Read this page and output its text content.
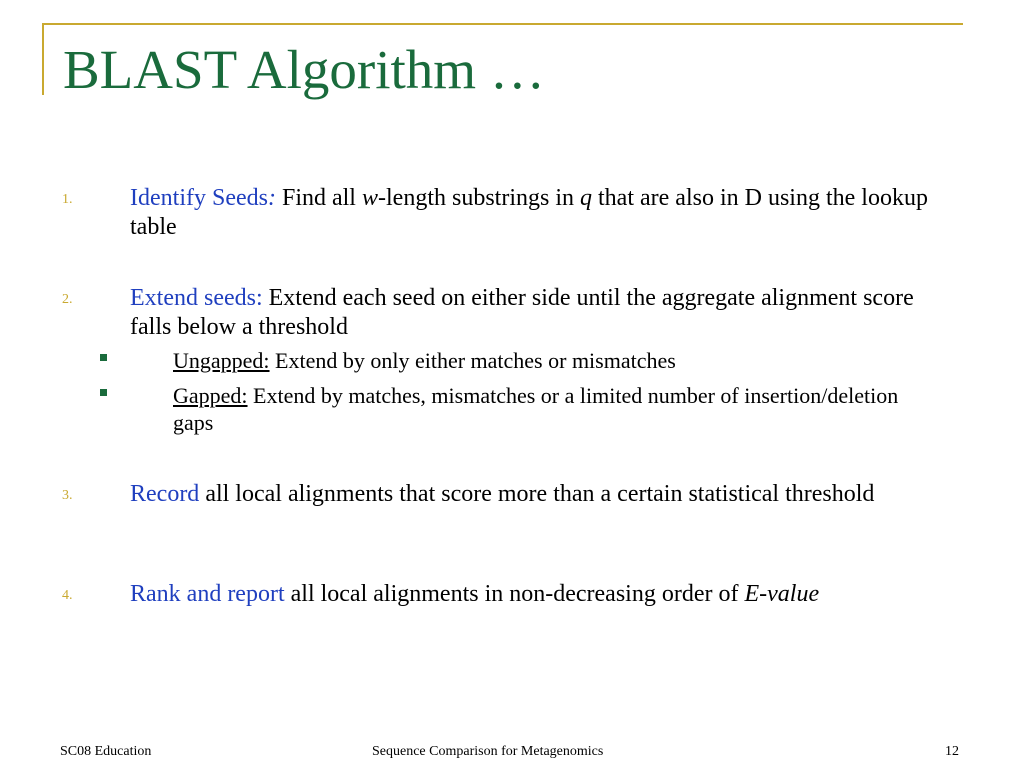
BLAST Algorithm …
1.	Identify Seeds: Find all w-length substrings in q that are also in D using the lookup table
2.	Extend seeds: Extend each seed on either side until the aggregate alignment score falls below a threshold
Ungapped: Extend by only either matches or mismatches
Gapped: Extend by matches, mismatches or a limited number of insertion/deletion gaps
3.	Record all local alignments that score more than a certain statistical threshold
4.	Rank and report all local alignments in non-decreasing order of E-value
SC08 Education	Sequence Comparison for Metagenomics	12
